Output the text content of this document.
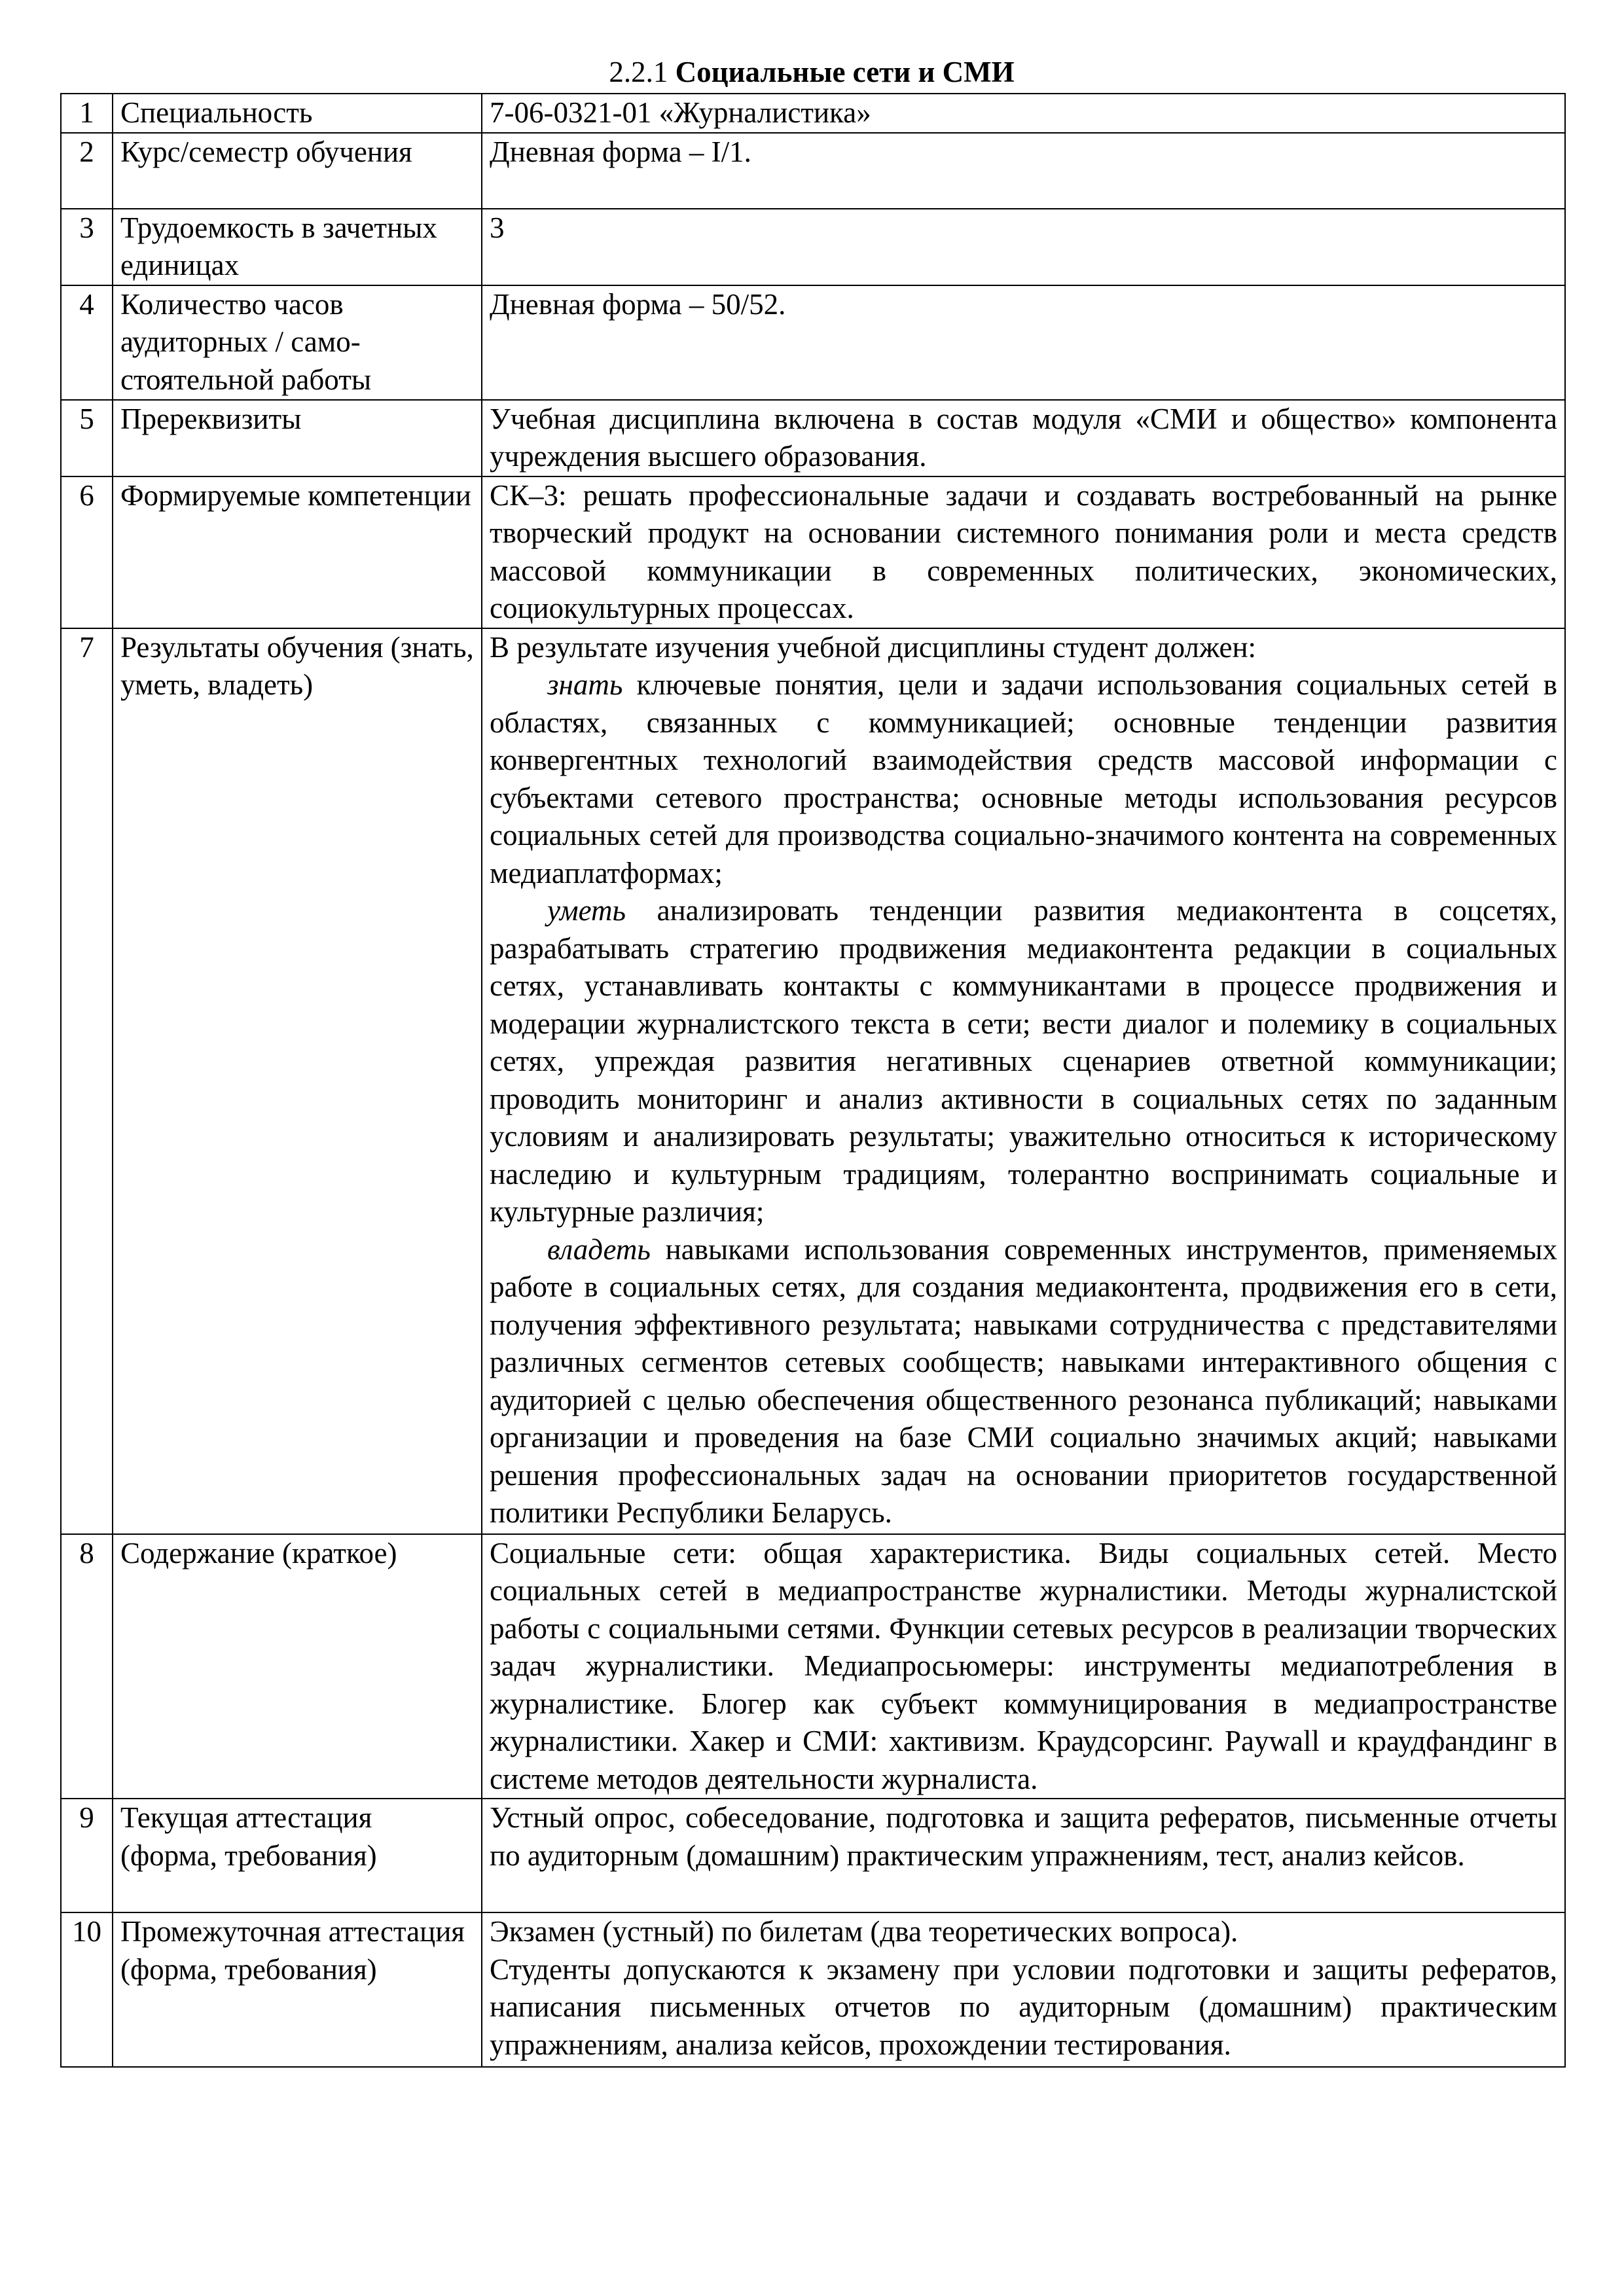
2.2.1 Социальные сети и СМИ
1	Специальность	7-06-0321-01 «Журналистика»
2	Курс/семестр обучения	Дневная форма – I/1.
3	Трудоемкость в зачетных единицах	3
4	Количество часов аудиторных / само-стоятельной работы	Дневная форма – 50/52.
5	Пререквизиты	Учебная дисциплина включена в состав модуля «СМИ и общество» компонента учреждения высшего образования.
6	Формируемые компетенции	СК–3: решать профессиональные задачи и создавать востребованный на рынке творческий продукт на основании системного понимания роли и места средств массовой коммуникации в современных политических, экономических, социокультурных процессах.
7	Результаты обучения (знать, уметь, владеть)	В результате изучения учебной дисциплины студент должен:
знать ключевые понятия, цели и задачи использования социальных сетей в областях, связанных с коммуникацией; основные тенденции развития конвергентных технологий взаимодействия средств массовой информации с субъектами сетевого пространства; основные методы использования ресурсов социальных сетей для производства социально-значимого контента на современных медиаплатформах;
уметь анализировать тенденции развития медиаконтента в соцсетях, разрабатывать стратегию продвижения медиаконтента редакции в социальных сетях, устанавливать контакты с коммуникантами в процессе продвижения и модерации журналистского текста в сети; вести диалог и полемику в социальных сетях, упреждая развития негативных сценариев ответной коммуникации; проводить мониторинг и анализ активности в социальных сетях по заданным условиям и анализировать результаты; уважительно относиться к историческому наследию и культурным традициям, толерантно воспринимать социальные и культурные различия;
владеть навыками использования современных инструментов, применяемых работе в социальных сетях, для создания медиаконтента, продвижения его в сети, получения эффективного результата; навыками сотрудничества с представителями различных сегментов сетевых сообществ; навыками интерактивного общения с аудиторией с целью обеспечения общественного резонанса публикаций; навыками организации и проведения на базе СМИ социально значимых акций; навыками решения профессиональных задач на основании приоритетов государственной политики Республики Беларусь.

8	Содержание (краткое)	Социальные сети: общая характеристика. Виды социальных сетей. Место социальных сетей в медиапространстве журналистики. Методы журналистской работы с социальными сетями. Функции сетевых ресурсов в реализации творческих задач журналистики. Медиапросьюмеры: инструменты медиапотребления в журналистике. Блогер как субъект коммуницирования в медиапространстве журналистики. Хакер и СМИ: хактивизм. Краудсорсинг. Paywall и краудфандинг в системе методов деятельности журналиста.
9	Текущая аттестация (форма, требования)	Устный опрос, собеседование, подготовка и защита рефератов, письменные отчеты по аудиторным (домашним) практическим упражнениям, тест, анализ кейсов.
10	Промежуточная аттестация (форма, требования)	Экзамен (устный) по билетам (два теоретических вопроса).
Студенты допускаются к экзамену при условии подготовки и защиты рефератов, написания письменных отчетов по аудиторным (домашним) практическим упражнениям, анализа кейсов, прохождении тестирования.
